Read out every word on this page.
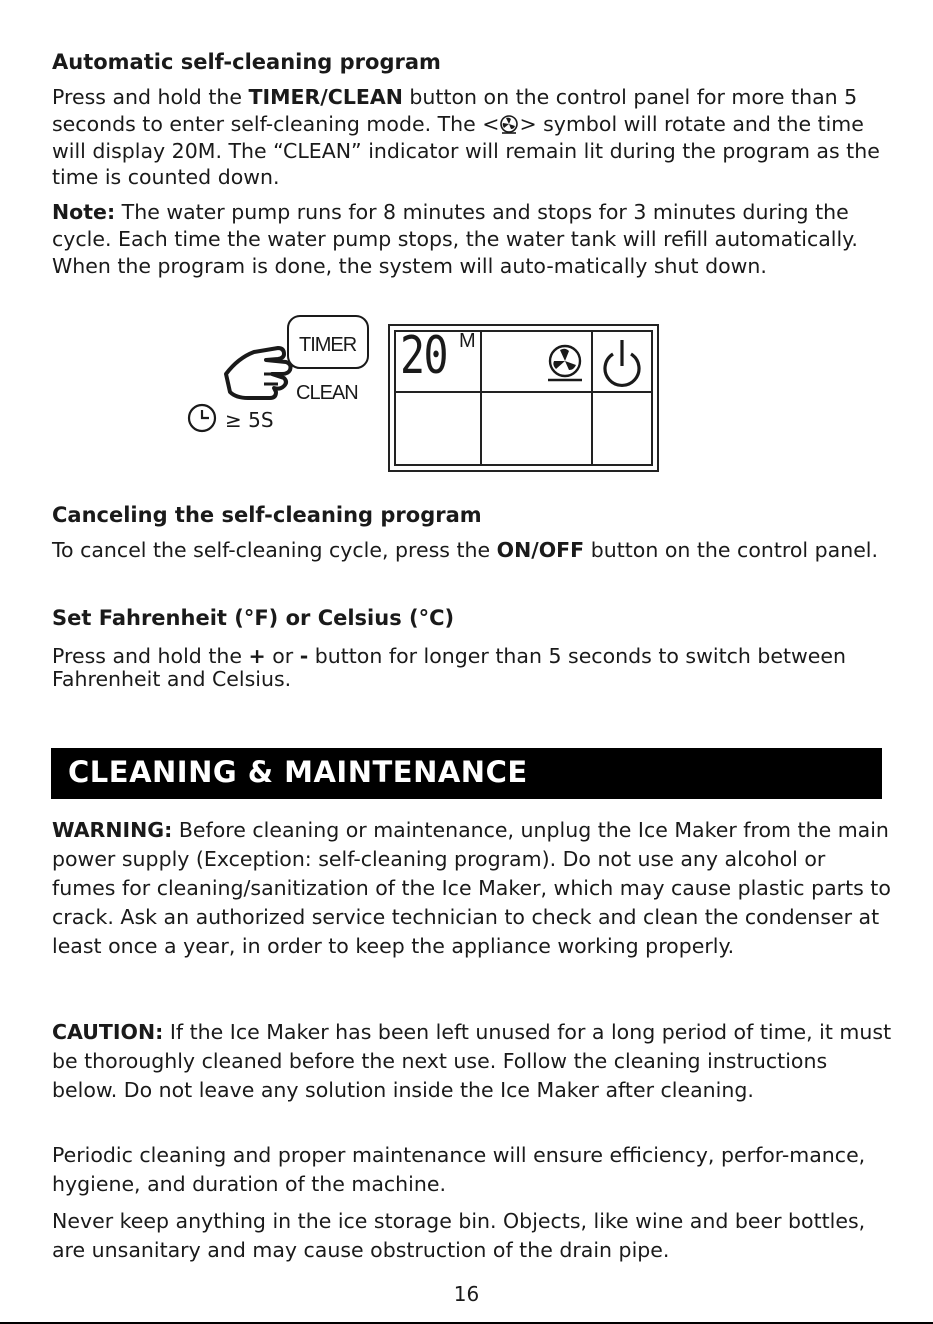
Automatic self-cleaning program
Press and hold the TIMER/CLEAN button on the control panel for more than 5 seconds to enter self-cleaning mode. The < > symbol will rotate and the time will display 20M. The “CLEAN” indicator will remain lit during the program as the time is counted down.
Note: The water pump runs for 8 minutes and stops for 3 minutes during the cycle. Each time the water pump stops, the water tank will refill automatically. When the program is done, the system will auto-matically shut down.
TIMER
CLEAN
≥ 5S
20 M
Canceling the self-cleaning program
To cancel the self-cleaning cycle, press the ON/OFF button on the control panel.
Set Fahrenheit (°F) or Celsius (°C)
Press and hold the + or - button for longer than 5 seconds to switch between Fahrenheit and Celsius.
CLEANING & MAINTENANCE
WARNING: Before cleaning or maintenance, unplug the Ice Maker from the main power supply (Exception: self-cleaning program). Do not use any alcohol or fumes for cleaning/sanitization of the Ice Maker, which may cause plastic parts to crack. Ask an authorized service technician to check and clean the condenser at least once a year, in order to keep the appliance working properly.
CAUTION: If the Ice Maker has been left unused for a long period of time, it must be thoroughly cleaned before the next use. Follow the cleaning instructions below. Do not leave any solution inside the Ice Maker after cleaning.
Periodic cleaning and proper maintenance will ensure efficiency, perfor-mance, hygiene, and duration of the machine.
Never keep anything in the ice storage bin. Objects, like wine and beer bottles, are unsanitary and may cause obstruction of the drain pipe.
16
